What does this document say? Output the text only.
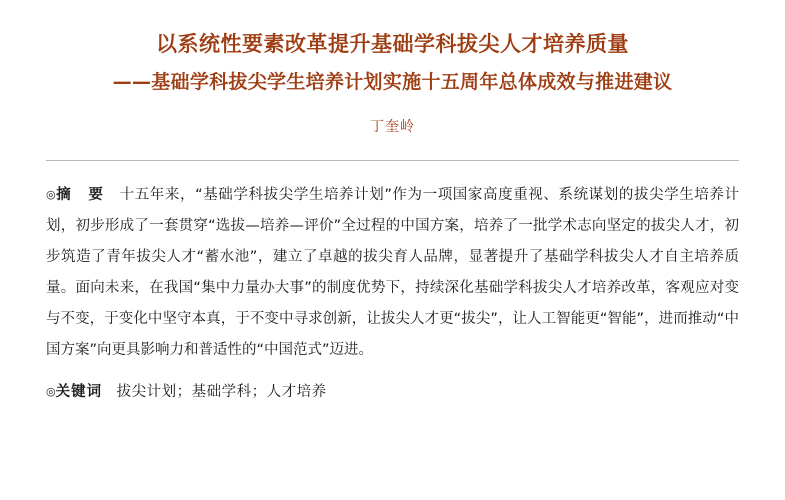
以系统性要素改革提升基础学科拔尖人才培养质量
——基础学科拔尖学生培养计划实施十五周年总体成效与推进建议
丁奎岭

◎摘　要　 十五年来，“基础学科拔尖学生培养计划”作为一项国家高度重视、系统谋划的拔尖学生培养计划，初步形成了一套贯穿“选拔—培养—评价”全过程的中国方案，培养了一批学术志向坚定的拔尖人才，初步筑造了青年拔尖人才“蓄水池”，建立了卓越的拔尖育人品牌，显著提升了基础学科拔尖人才自主培养质量。面向未来，在我国“集中力量办大事”的制度优势下，持续深化基础学科拔尖人才培养改革，客观应对变与不变，于变化中坚守本真，于不变中寻求创新，让拔尖人才更“拔尖”，让人工智能更“智能”，进而推动“中国方案”向更具影响力和普适性的“中国范式”迈进。

◎关键词　 拔尖计划；基础学科；人才培养
